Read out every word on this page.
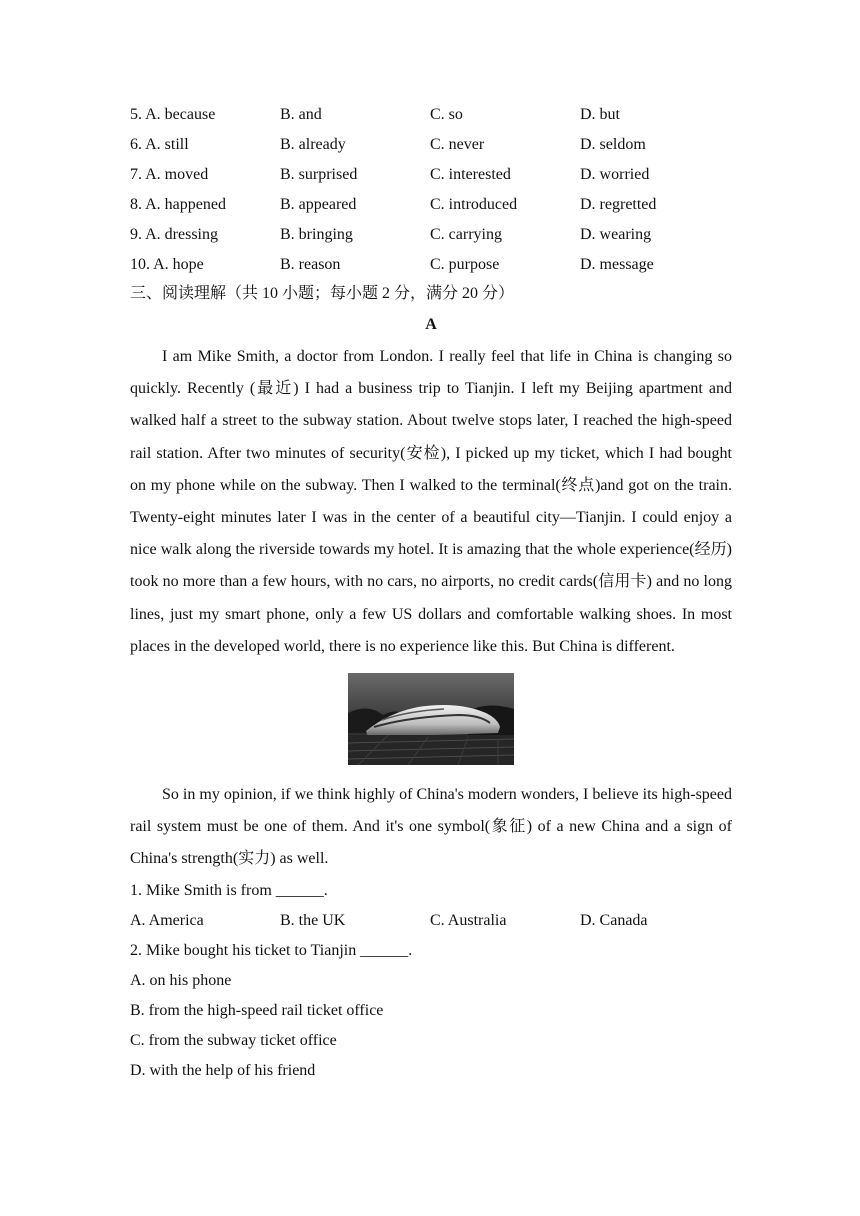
5. A. because	B. and	C. so	D. but
6. A. still	B. already	C. never	D. seldom
7. A. moved	B. surprised	C. interested	D. worried
8. A. happened	B. appeared	C. introduced	D. regretted
9. A. dressing	B. bringing	C. carrying	D. wearing
10. A. hope	B. reason	C. purpose	D. message
三、阅读理解（共 10 小题；每小题 2 分，满分 20 分）
A

I am Mike Smith, a doctor from London. I really feel that life in China is changing so quickly. Recently (最近) I had a business trip to Tianjin. I left my Beijing apartment and walked half a street to the subway station. About twelve stops later, I reached the high-speed rail station. After two minutes of security(安检), I picked up my ticket, which I had bought on my phone while on the subway. Then I walked to the terminal(终点)and got on the train. Twenty-eight minutes later I was in the center of a beautiful city—Tianjin. I could enjoy a nice walk along the riverside towards my hotel. It is amazing that the whole experience(经历) took no more than a few hours, with no cars, no airports, no credit cards(信用卡) and no long lines, just my smart phone, only a few US dollars and comfortable walking shoes. In most places in the developed world, there is no experience like this. But China is different.

So in my opinion, if we think highly of China's modern wonders, I believe its high-speed rail system must be one of them. And it's one symbol(象征) of a new China and a sign of China's strength(实力) as well.

1. Mike Smith is from ______.
A. America	B. the UK	C. Australia	D. Canada
2. Mike bought his ticket to Tianjin ______.
A. on his phone
B. from the high-speed rail ticket office
C. from the subway ticket office
D. with the help of his friend
